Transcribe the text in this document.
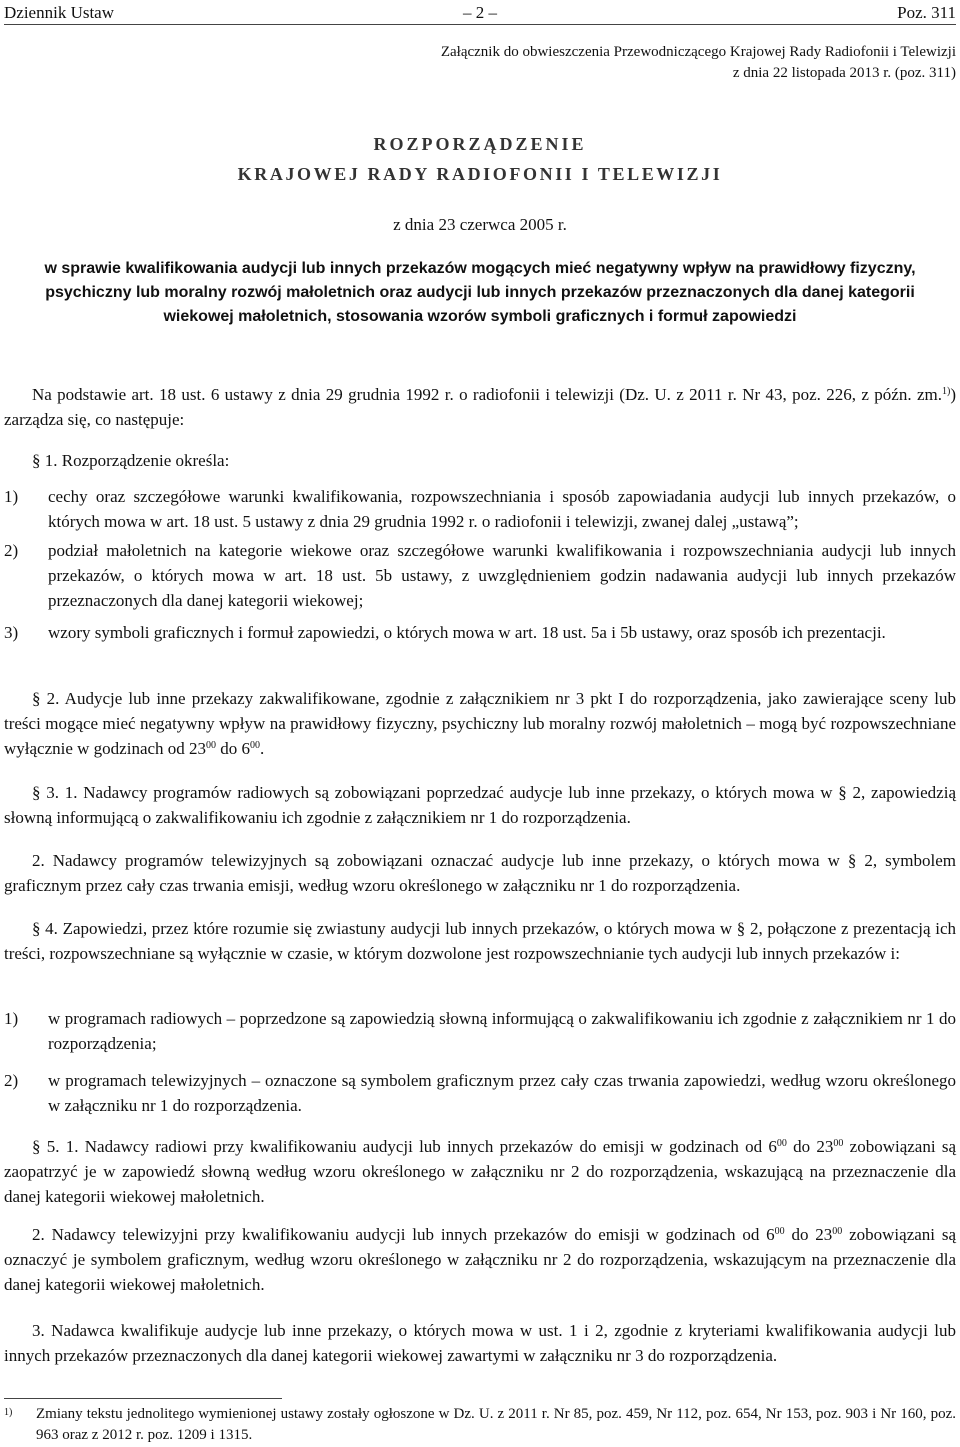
Dziennik Ustaw	– 2 –	Poz. 311
Załącznik do obwieszczenia Przewodniczącego Krajowej Rady Radiofonii i Telewizji z dnia 22 listopada 2013 r. (poz. 311)
ROZPORZĄDZENIE
KRAJOWEJ RADY RADIOFONII I TELEWIZJI
z dnia 23 czerwca 2005 r.
w sprawie kwalifikowania audycji lub innych przekazów mogących mieć negatywny wpływ na prawidłowy fizyczny, psychiczny lub moralny rozwój małoletnich oraz audycji lub innych przekazów przeznaczonych dla danej kategorii wiekowej małoletnich, stosowania wzorów symboli graficznych i formuł zapowiedzi
Na podstawie art. 18 ust. 6 ustawy z dnia 29 grudnia 1992 r. o radiofonii i telewizji (Dz. U. z 2011 r. Nr 43, poz. 226, z późn. zm.$^{1)}$) zarządza się, co następuje:
§ 1. Rozporządzenie określa:
1) cechy oraz szczegółowe warunki kwalifikowania, rozpowszechniania i sposób zapowiadania audycji lub innych przekazów, o których mowa w art. 18 ust. 5 ustawy z dnia 29 grudnia 1992 r. o radiofonii i telewizji, zwanej dalej „ustawą”;
2) podział małoletnich na kategorie wiekowe oraz szczegółowe warunki kwalifikowania i rozpowszechniania audycji lub innych przekazów, o których mowa w art. 18 ust. 5b ustawy, z uwzględnieniem godzin nadawania audycji lub innych przekazów przeznaczonych dla danej kategorii wiekowej;
3) wzory symboli graficznych i formuł zapowiedzi, o których mowa w art. 18 ust. 5a i 5b ustawy, oraz sposób ich prezentacji.
§ 2. Audycje lub inne przekazy zakwalifikowane, zgodnie z załącznikiem nr 3 pkt I do rozporządzenia, jako zawierające sceny lub treści mogące mieć negatywny wpływ na prawidłowy fizyczny, psychiczny lub moralny rozwój małoletnich – mogą być rozpowszechniane wyłącznie w godzinach od $23^{00}$ do $6^{00}$.
§ 3. 1. Nadawcy programów radiowych są zobowiązani poprzedzać audycje lub inne przekazy, o których mowa w § 2, zapowiedzią słowną informującą o zakwalifikowaniu ich zgodnie z załącznikiem nr 1 do rozporządzenia.
2. Nadawcy programów telewizyjnych są zobowiązani oznaczać audycje lub inne przekazy, o których mowa w § 2, symbolem graficznym przez cały czas trwania emisji, według wzoru określonego w załączniku nr 1 do rozporządzenia.
§ 4. Zapowiedzi, przez które rozumie się zwiastuny audycji lub innych przekazów, o których mowa w § 2, połączone z prezentacją ich treści, rozpowszechniane są wyłącznie w czasie, w którym dozwolone jest rozpowszechnianie tych audycji lub innych przekazów i:
1) w programach radiowych – poprzedzone są zapowiedzią słowną informującą o zakwalifikowaniu ich zgodnie z załącznikiem nr 1 do rozporządzenia;
2) w programach telewizyjnych – oznaczone są symbolem graficznym przez cały czas trwania zapowiedzi, według wzoru określonego w załączniku nr 1 do rozporządzenia.
§ 5. 1. Nadawcy radiowi przy kwalifikowaniu audycji lub innych przekazów do emisji w godzinach od $6^{00}$ do $23^{00}$ zobowiązani są zaopatrzyć je w zapowiedź słowną według wzoru określonego w załączniku nr 2 do rozporządzenia, wskazującą na przeznaczenie dla danej kategorii wiekowej małoletnich.
2. Nadawcy telewizyjni przy kwalifikowaniu audycji lub innych przekazów do emisji w godzinach od $6^{00}$ do $23^{00}$ zobowiązani są oznaczyć je symbolem graficznym, według wzoru określonego w załączniku nr 2 do rozporządzenia, wskazującym na przeznaczenie dla danej kategorii wiekowej małoletnich.
3. Nadawca kwalifikuje audycje lub inne przekazy, o których mowa w ust. 1 i 2, zgodnie z kryteriami kwalifikowania audycji lub innych przekazów przeznaczonych dla danej kategorii wiekowej zawartymi w załączniku nr 3 do rozporządzenia.
1) Zmiany tekstu jednolitego wymienionej ustawy zostały ogłoszone w Dz. U. z 2011 r. Nr 85, poz. 459, Nr 112, poz. 654, Nr 153, poz. 903 i Nr 160, poz. 963 oraz z 2012 r. poz. 1209 i 1315.
